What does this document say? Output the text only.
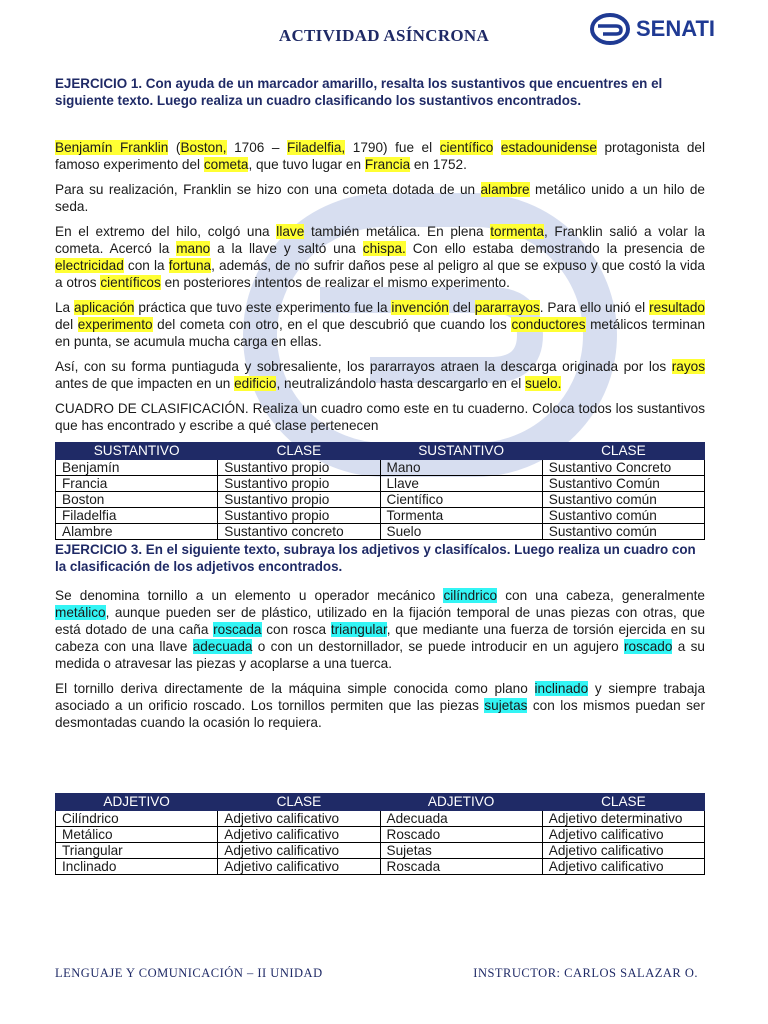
ACTIVIDAD ASÍNCRONA	SENATI
EJERCICIO 1. Con ayuda de un marcador amarillo, resalta los sustantivos que encuentres en el siguiente texto. Luego realiza un cuadro clasificando los sustantivos encontrados.

Benjamín Franklin (Boston, 1706 – Filadelfia, 1790) fue el científico estadounidense protagonista del famoso experimento del cometa, que tuvo lugar en Francia en 1752.

Para su realización, Franklin se hizo con una cometa dotada de un alambre metálico unido a un hilo de seda.

En el extremo del hilo, colgó una llave también metálica. En plena tormenta, Franklin salió a volar la cometa. Acercó la mano a la llave y saltó una chispa. Con ello estaba demostrando la presencia de electricidad con la fortuna, además, de no sufrir daños pese al peligro al que se expuso y que costó la vida a otros científicos en posteriores intentos de realizar el mismo experimento.

La aplicación práctica que tuvo este experimento fue la invención del pararrayos. Para ello unió el resultado del experimento del cometa con otro, en el que descubrió que cuando los conductores metálicos terminan en punta, se acumula mucha carga en ellas.

Así, con su forma puntiaguda y sobresaliente, los pararrayos atraen la descarga originada por los rayos antes de que impacten en un edificio, neutralizándolo hasta descargarlo en el suelo.

CUADRO DE CLASIFICACIÓN. Realiza un cuadro como este en tu cuaderno. Coloca todos los sustantivos que has encontrado y escribe a qué clase pertenecen

SUSTANTIVO	CLASE	SUSTANTIVO	CLASE
Benjamín	Sustantivo propio	Mano	Sustantivo Concreto
Francia	Sustantivo propio	Llave	Sustantivo Común
Boston	Sustantivo propio	Científico	Sustantivo común
Filadelfia	Sustantivo propio	Tormenta	Sustantivo común
Alambre	Sustantivo concreto	Suelo	Sustantivo común
EJERCICIO 3. En el siguiente texto, subraya los adjetivos y clasifícalos. Luego realiza un cuadro con la clasificación de los adjetivos encontrados.

Se denomina tornillo a un elemento u operador mecánico cilíndrico con una cabeza, generalmente metálico, aunque pueden ser de plástico, utilizado en la fijación temporal de unas piezas con otras, que está dotado de una caña roscada con rosca triangular, que mediante una fuerza de torsión ejercida en su cabeza con una llave adecuada o con un destornillador, se puede introducir en un agujero roscado a su medida o atravesar las piezas y acoplarse a una tuerca.

El tornillo deriva directamente de la máquina simple conocida como plano inclinado y siempre trabaja asociado a un orificio roscado. Los tornillos permiten que las piezas sujetas con los mismos puedan ser desmontadas cuando la ocasión lo requiera.

ADJETIVO	CLASE	ADJETIVO	CLASE
Cilíndrico	Adjetivo calificativo	Adecuada	Adjetivo determinativo
Metálico	Adjetivo calificativo	Roscado	Adjetivo calificativo
Triangular	Adjetivo calificativo	Sujetas	Adjetivo calificativo
Inclinado	Adjetivo calificativo	Roscada	Adjetivo calificativo
LENGUAJE Y COMUNICACIÓN – II UNIDAD	INSTRUCTOR: CARLOS SALAZAR O.
